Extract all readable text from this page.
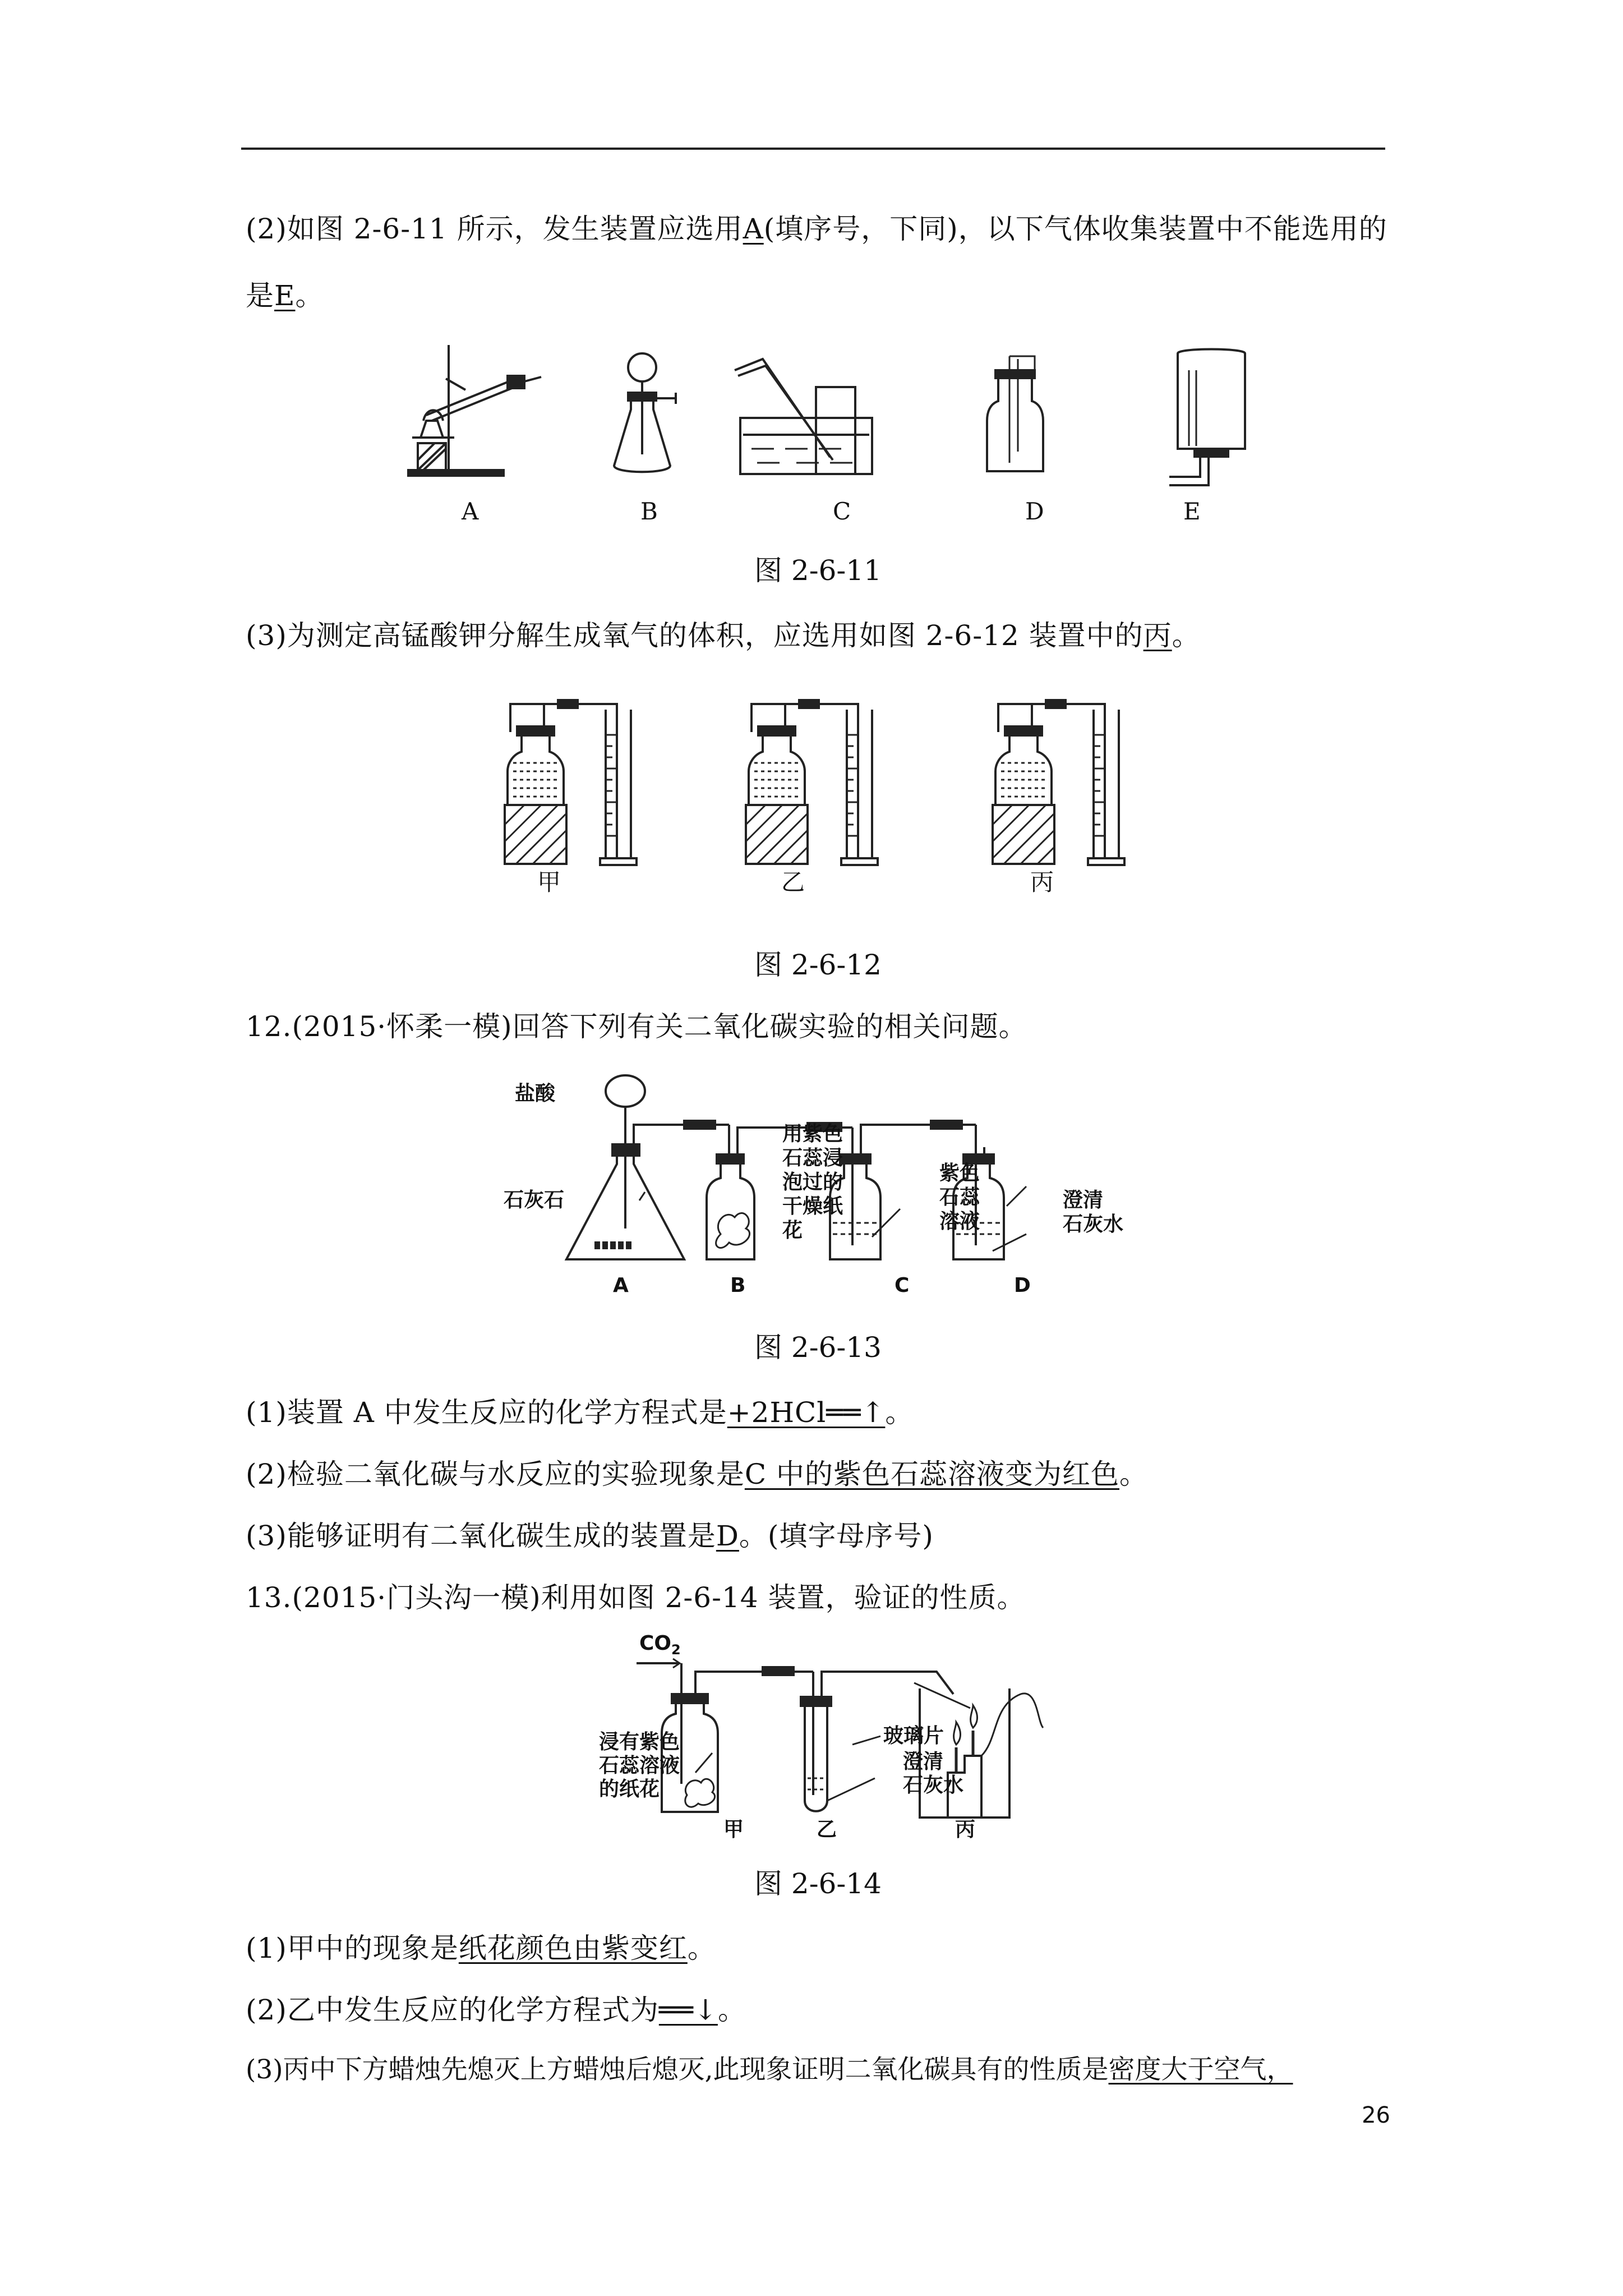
(2)如图 2-6-11 所示，发生装置应选用A(填序号，下同)，以下气体收集装置中不能选用的
是E。
A	B	C	D	E
图 2-6-11
(3)为测定高锰酸钾分解生成氧气的体积，应选用如图 2-6-12 装置中的丙。
甲	乙	丙
图 2-6-12
12.(2015·怀柔一模)回答下列有关二氧化碳实验的相关问题。
盐酸
石灰石
用紫色
石蕊浸
泡过的
干燥纸
花
紫色
石蕊
溶液
澄清
石灰水
A	B	C	D
图 2-6-13
(1)装置 A 中发生反应的化学方程式是+2HCl══↑。
(2)检验二氧化碳与水反应的实验现象是C 中的紫色石蕊溶液变为红色。
(3)能够证明有二氧化碳生成的装置是D。(填字母序号)
13.(2015·门头沟一模)利用如图 2-6-14 装置，验证的性质。
$CO_2$
浸有紫色
石蕊溶液
的纸花
玻璃片
澄清
石灰水
甲	乙	丙
图 2-6-14
(1)甲中的现象是纸花颜色由紫变红。
(2)乙中发生反应的化学方程式为══↓。
(3)丙中下方蜡烛先熄灭上方蜡烛后熄灭,此现象证明二氧化碳具有的性质是密度大于空气，
26
